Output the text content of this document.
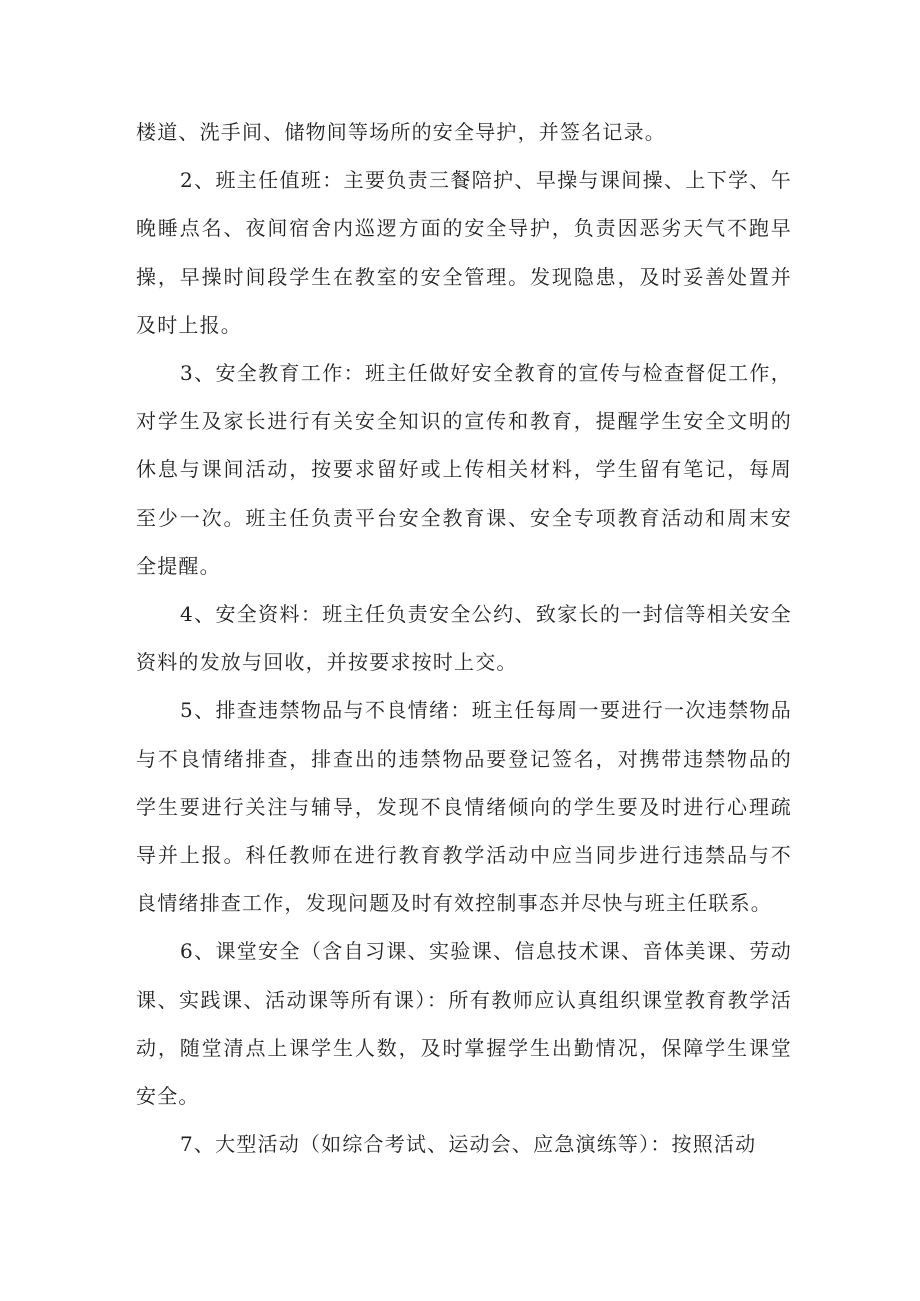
楼道、洗手间、储物间等场所的安全导护，并签名记录。

2、班主任值班：主要负责三餐陪护、早操与课间操、上下学、午晚睡点名、夜间宿舍内巡逻方面的安全导护，负责因恶劣天气不跑早操，早操时间段学生在教室的安全管理。发现隐患，及时妥善处置并及时上报。

3、安全教育工作：班主任做好安全教育的宣传与检查督促工作，对学生及家长进行有关安全知识的宣传和教育，提醒学生安全文明的休息与课间活动，按要求留好或上传相关材料，学生留有笔记，每周至少一次。班主任负责平台安全教育课、安全专项教育活动和周末安全提醒。

4、安全资料：班主任负责安全公约、致家长的一封信等相关安全资料的发放与回收，并按要求按时上交。

5、排查违禁物品与不良情绪：班主任每周一要进行一次违禁物品与不良情绪排查，排查出的违禁物品要登记签名，对携带违禁物品的学生要进行关注与辅导，发现不良情绪倾向的学生要及时进行心理疏导并上报。科任教师在进行教育教学活动中应当同步进行违禁品与不良情绪排查工作，发现问题及时有效控制事态并尽快与班主任联系。

6、课堂安全（含自习课、实验课、信息技术课、音体美课、劳动课、实践课、活动课等所有课）：所有教师应认真组织课堂教育教学活动，随堂清点上课学生人数，及时掌握学生出勤情况，保障学生课堂安全。

7、大型活动（如综合考试、运动会、应急演练等）：按照活动
